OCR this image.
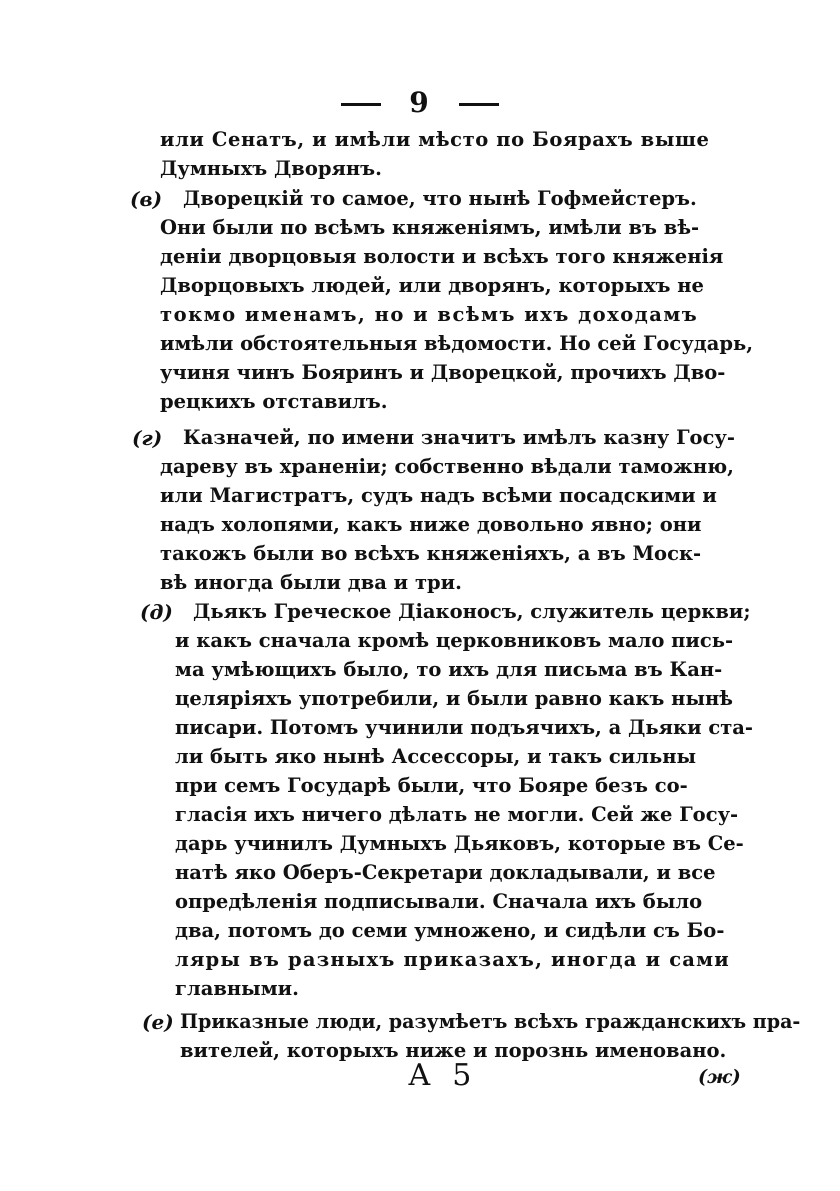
9
или Сенатъ, и имѣли мѣсто по Боярахъ выше
Думныхъ Дворянъ.
(в) Дворецкій то самое, что нынѣ Гофмейстеръ.
Они были по всѣмъ княженіямъ, имѣли въ вѣ-
деніи дворцовыя волости и всѣхъ того княженія
Дворцовыхъ людей, или дворянъ, которыхъ не
токмо именамъ, но и всѣмъ ихъ доходамъ
имѣли обстоятельныя вѣдомости. Но сей Государь,
учиня чинъ Бояринъ и Дворецкой, прочихъ Дво-
рецкихъ отставилъ.
(г) Казначей, по имени значитъ имѣлъ казну Госу-
дареву въ храненіи; собственно вѣдали таможню,
или Магистратъ, судъ надъ всѣми посадскими и
надъ холопями, какъ ниже довольно явно; они
такожъ были во всѣхъ княженіяхъ, а въ Моск-
вѣ иногда были два и три.
(д) Дьякъ Греческое Діаконосъ, служитель церкви;
и какъ сначала кромѣ церковниковъ мало пись-
ма умѣющихъ было, то ихъ для письма въ Кан-
целяріяхъ употребили, и были равно какъ нынѣ
писари. Потомъ учинили подъячихъ, а Дьяки ста-
ли быть яко нынѣ Ассессоры, и такъ сильны
при семъ Государѣ были, что Бояре безъ со-
гласія ихъ ничего дѣлать не могли. Сей же Госу-
дарь учинилъ Думныхъ Дьяковъ, которые въ Се-
натѣ яко Оберъ-Секретари докладывали, и все
опредѣленія подписывали. Сначала ихъ было
два, потомъ до семи умножено, и сидѣли съ Бо-
ляры въ разныхъ приказахъ, иногда и сами
главными.
(е) Приказные люди, разумѣетъ всѣхъ гражданскихъ пра-
вителей, которыхъ ниже и порознь именовано.
А 5	(ж)
